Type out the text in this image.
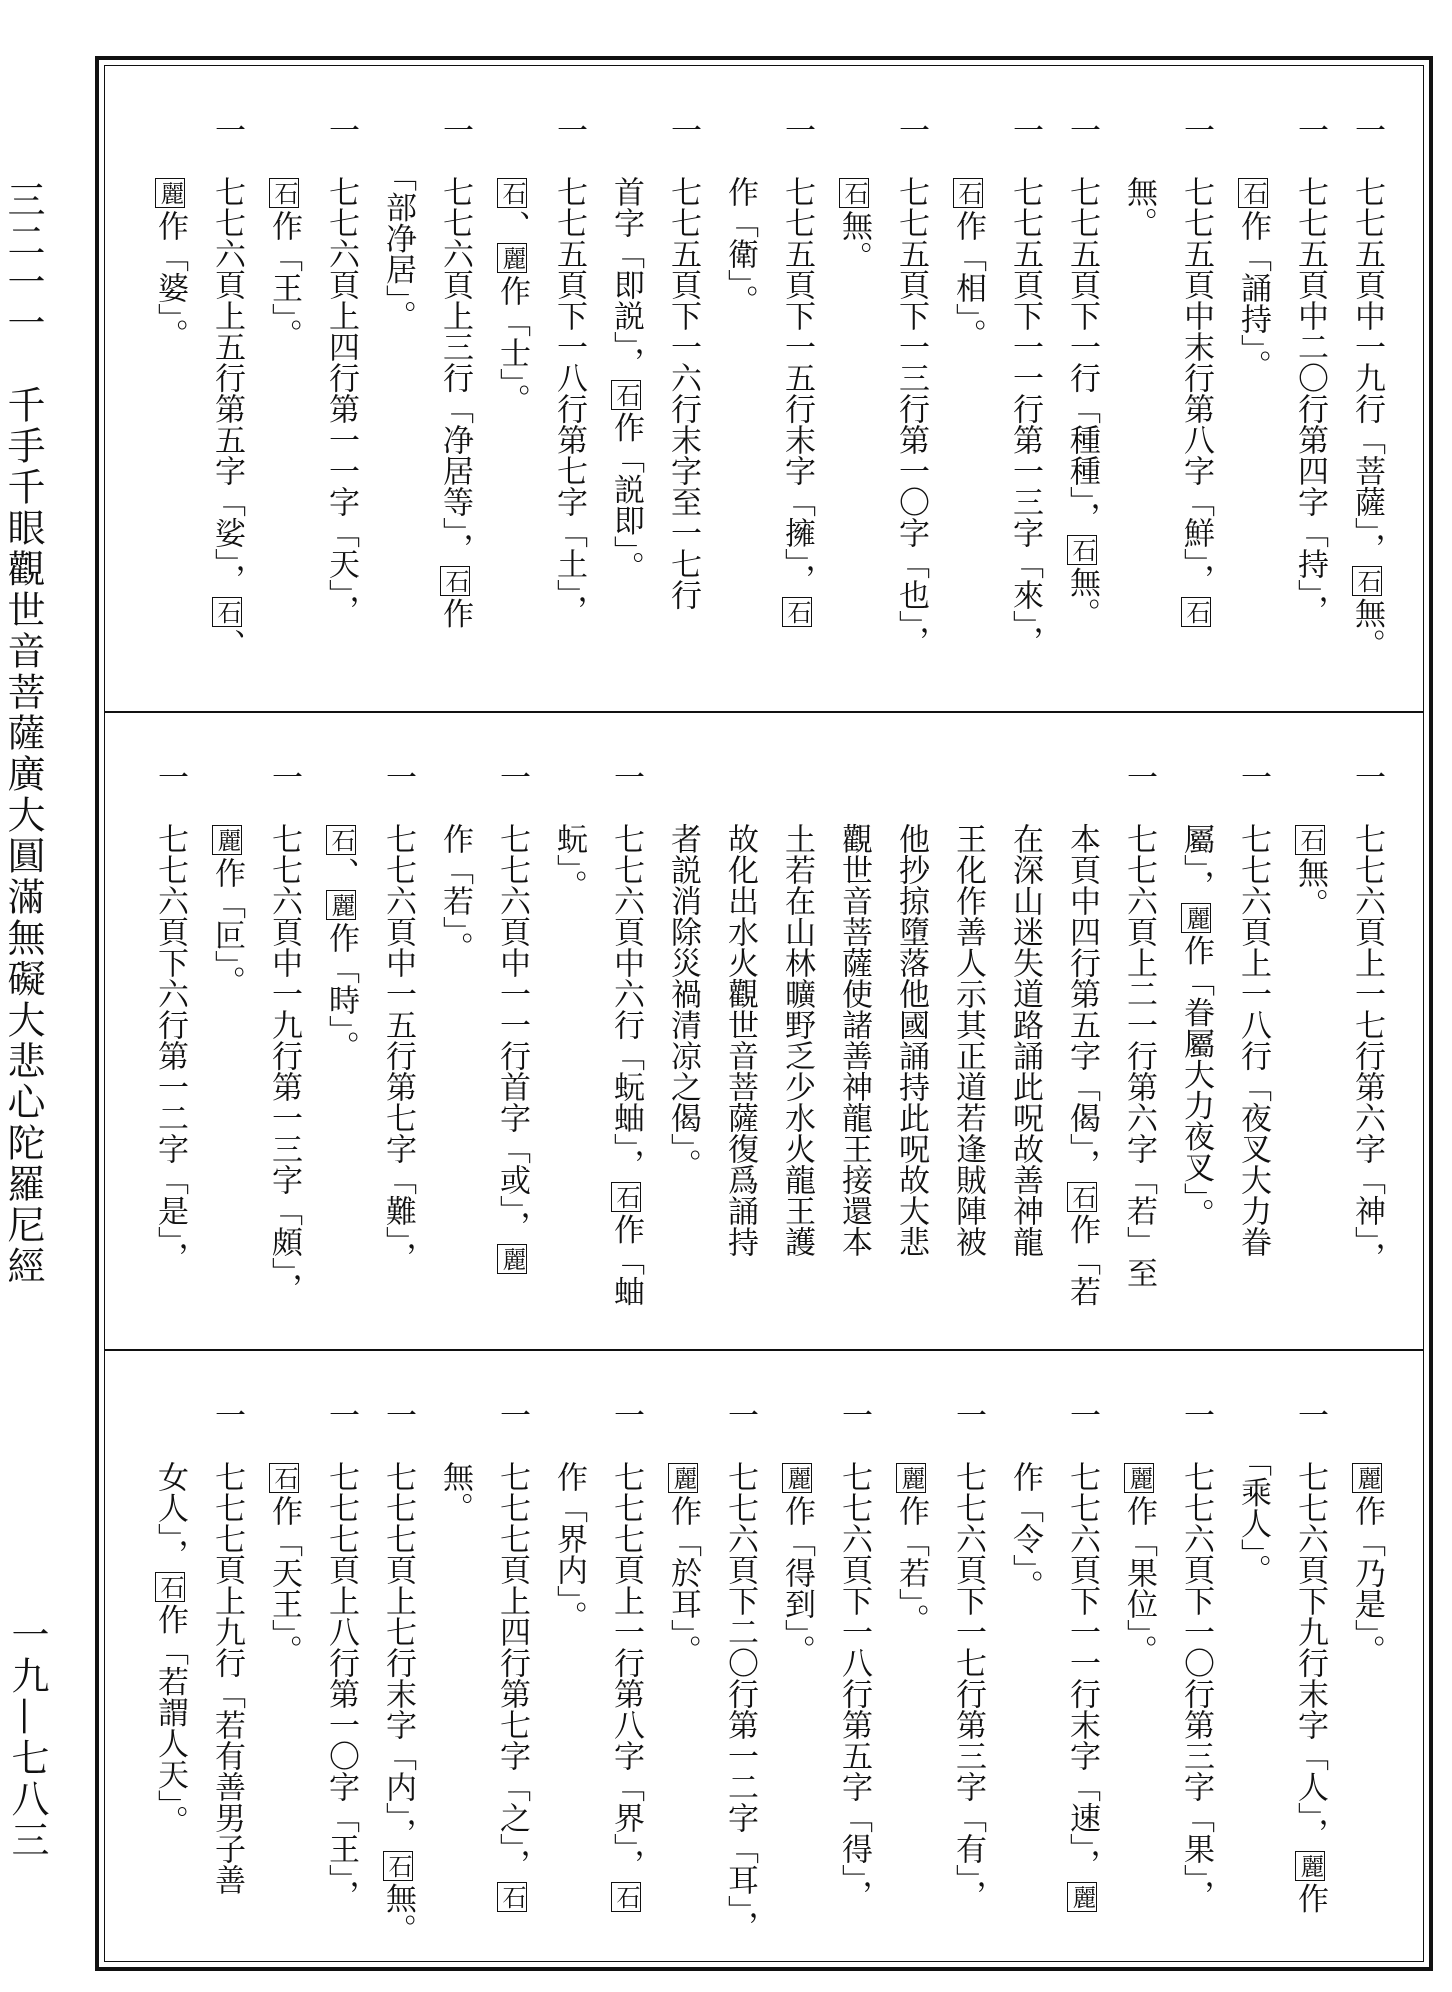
三二一一　千手千眼觀世音菩薩廣大圓滿無礙大悲心陀羅尼經
一九—七八三
一　七七五頁中一九行「菩薩」，石無。
一　七七五頁中二〇行第四字「持」，
　　石作「誦持」。
一　七七五頁中末行第八字「鮮」，石
　　無。
一　七七五頁下一行「種種」，石無。
一　七七五頁下一一行第一三字「來」，
　　石作「相」。
一　七七五頁下一三行第一〇字「也」，
　　石無。
一　七七五頁下一五行末字「擁」，石
　　作「衛」。
一　七七五頁下一六行末字至一七行
　　首字「即説」，石作「説即」。
一　七七五頁下一八行第七字「土」，
　　石、麗作「士」。
一　七七六頁上三行「净居等」，石作
　　「部净居」。
一　七七六頁上四行第一一字「天」，
　　石作「王」。
一　七七六頁上五行第五字「娑」，石、
　　麗作「婆」。
一　七七六頁上一七行第六字「神」，
　　石無。
一　七七六頁上一八行「夜叉大力眷
　　屬」，麗作「眷屬大力夜叉」。
一　七七六頁上二一行第六字「若」至
　　本頁中四行第五字「偈」，石作「若
　　在深山迷失道路誦此呪故善神龍
　　王化作善人示其正道若逢賊陣被
　　他抄掠墮落他國誦持此呪故大悲
　　觀世音菩薩使諸善神龍王接還本
　　土若在山林曠野乏少水火龍王護
　　故化出水火觀世音菩薩復爲誦持
　　者説消除災禍清凉之偈」。
一　七七六頁中六行「蚖蚰」，石作「蚰
　　蚖」。
一　七七六頁中一一行首字「或」，麗
　　作「若」。
一　七七六頁中一五行第七字「難」，
　　石、麗作「時」。
一　七七六頁中一九行第一三字「頗」，
　　麗作「叵」。
一　七七六頁下六行第一二字「是」，
　　麗作「乃是」。
一　七七六頁下九行末字「人」，麗作
　　「乘人」。
一　七七六頁下一〇行第三字「果」，
　　麗作「果位」。
一　七七六頁下一一行末字「速」，麗
　　作「令」。
一　七七六頁下一七行第三字「有」，
　　麗作「若」。
一　七七六頁下一八行第五字「得」，
　　麗作「得到」。
一　七七六頁下二〇行第一二字「耳」，
　　麗作「於耳」。
一　七七七頁上一行第八字「界」，石
　　作「界内」。
一　七七七頁上四行第七字「之」，石
　　無。
一　七七七頁上七行末字「内」，石無。
一　七七七頁上八行第一〇字「王」，
　　石作「天王」。
一　七七七頁上九行「若有善男子善
　　女人」，石作「若謂人天」。
